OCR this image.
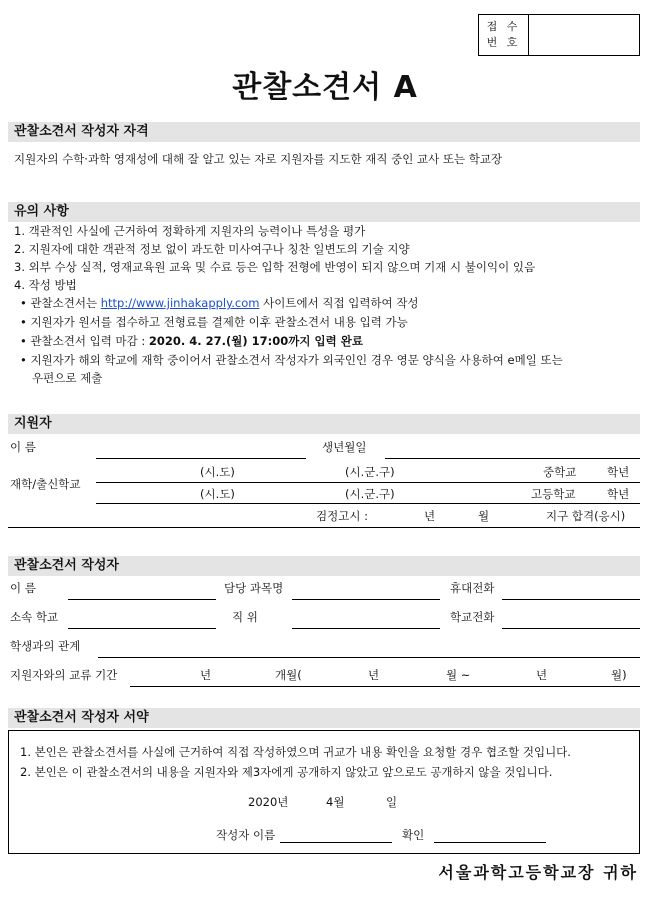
접 수
번 호
관찰소견서 A
관찰소견서 작성자 자격
지원자의 수학·과학 영재성에 대해 잘 알고 있는 자로 지원자를 지도한 재직 중인 교사 또는 학교장
유의 사항
1. 객관적인 사실에 근거하여 정확하게 지원자의 능력이나 특성을 평가
2. 지원자에 대한 객관적 정보 없이 과도한 미사여구나 칭찬 일변도의 기술 지양
3. 외부 수상 실적, 영재교육원 교육 및 수료 등은 입학 전형에 반영이 되지 않으며 기재 시 불이익이 있음
4. 작성 방법
• 관찰소견서는 http://www.jinhakapply.com 사이트에서 직접 입력하여 작성
• 지원자가 원서를 접수하고 전형료를 결제한 이후 관찰소견서 내용 입력 가능
• 관찰소견서 입력 마감 : 2020. 4. 27.(월) 17:00까지 입력 완료
• 지원자가 해외 학교에 재학 중이어서 관찰소견서 작성자가 외국인인 경우 영문 양식을 사용하여 e메일 또는
우편으로 제출
지원자
이 름	생년월일
재학/출신학교
(시.도)	(시.군.구)	중학교	학년
(시.도)	(시.군.구)	고등학교	학년
검정고시 :	년	월	지구 합격(응시)
관찰소견서 작성자
이 름	담당 과목명	휴대전화
소속 학교	직 위	학교전화
학생과의 관계
지원자와의 교류 기간	년	개월(	년	월 ~	년	월)
관찰소견서 작성자 서약
1. 본인은 관찰소견서를 사실에 근거하여 직접 작성하였으며 귀교가 내용 확인을 요청할 경우 협조할 것입니다.
2. 본인은 이 관찰소견서의 내용을 지원자와 제3자에게 공개하지 않았고 앞으로도 공개하지 않을 것입니다.
2020년	4월	일
작성자 이름	확인
서울과학고등학교장 귀하
